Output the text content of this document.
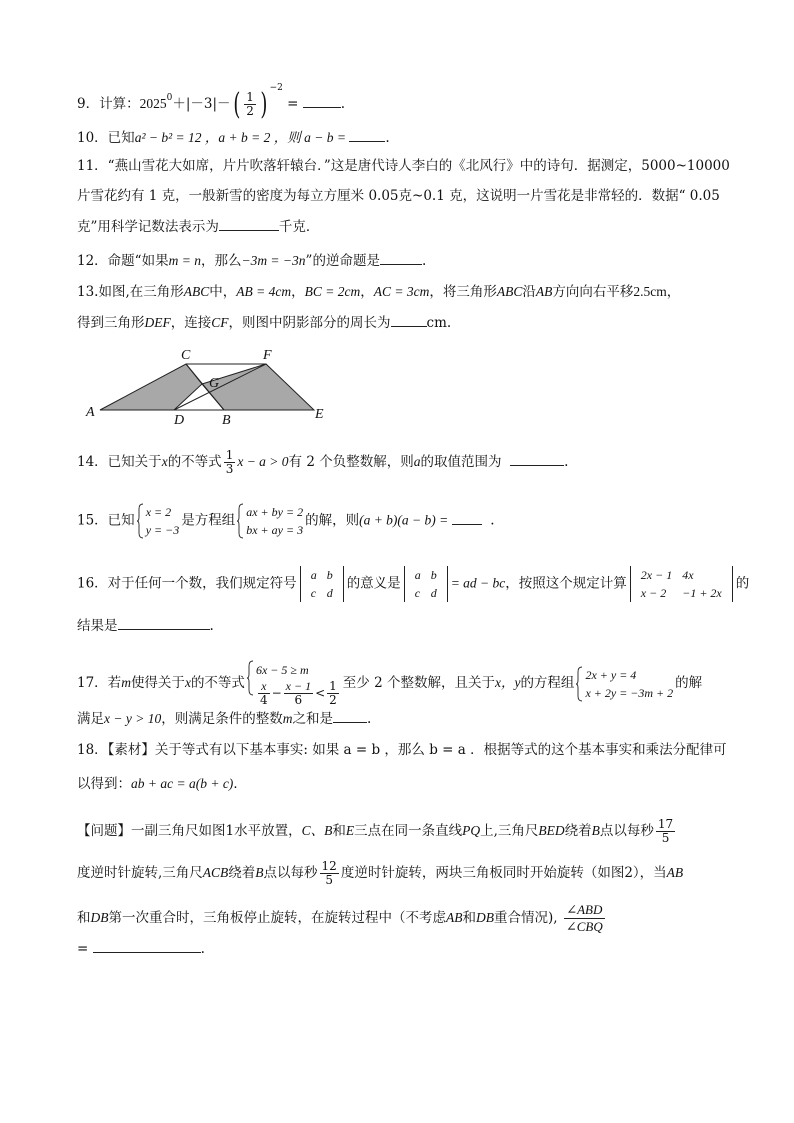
9．计算：$2025^0+|-3|-( \frac{1}{2}$ ) $^{-2}$ =	.
10．已知a² − b² = 12 ，a + b = 2 ，则 a − b =	.
11．“燕山雪花大如席，片片吹落轩辕台．”这是唐代诗人李白的《北风行》中的诗句．据测定，5000~10000
片雪花约有 1 克，一般新雪的密度为每立方厘米 0.05克~0.1 克，这说明一片雪花是非常轻的．数据“ 0.05
克”用科学记数法表示为	千克．
12．命题“如果m = n，那么−3m = −3n”的逆命题是	.
13.如图,在三角形ABC中，AB = 4cm，BC = 2cm，AC = 3cm，将三角形ABC沿AB方向向右平移2.5cm，
得到三角形DEF，连接CF，则图中阴影部分的周长为	cm.
C	F
G
A
D	B	E
14．已知关于x的不等式 $\frac{1}{3}$ x − a > 0有 2 个负整数解，则a的取值范围为	.
15．已知
x = 2
y = −3
是方程组
ax + by = 2
bx + ay = 3
的解，则(a + b)(a − b) =	.
16．对于任何一个数，我们规定符号
a	b
c	d
的意义是
a	b
c	d
= ad − bc，按照这个规定计算
2x − 1	4x
x − 2	−1 + 2x
的
结果是	.
17．若m使得关于x的不等式
6x − 5 ≥ m
$\frac{x}{4} - \frac{x - 1}{6} < \frac{1}{2}$ 至少 2 个整数解，且关于x，y的方程组
2x + y = 4
x + 2y = −3m + 2
的解
满足x − y > 10，则满足条件的整数m之和是	.
18．【素材】关于等式有以下基本事实: 如果 a = b ，那么 b = a ．根据等式的这个基本事实和乘法分配律可
以得到：ab + ac = a(b + c)．
【问题】一副三角尺如图1水平放置，C、B和E三点在同一条直线PQ上,三角尺BED绕着B点以每秒 $\frac{17}{5}$
度逆时针旋转,三角尺ACB绕着B点以每秒 $\frac{12}{5}$ 度逆时针旋转，两块三角板同时开始旋转（如图2），当AB
和DB第一次重合时，三角板停止旋转，在旋转过程中（不考虑AB和DB重合情况), $\frac{\text{∠ABD}}{\text{∠CBQ}}$
=	.
